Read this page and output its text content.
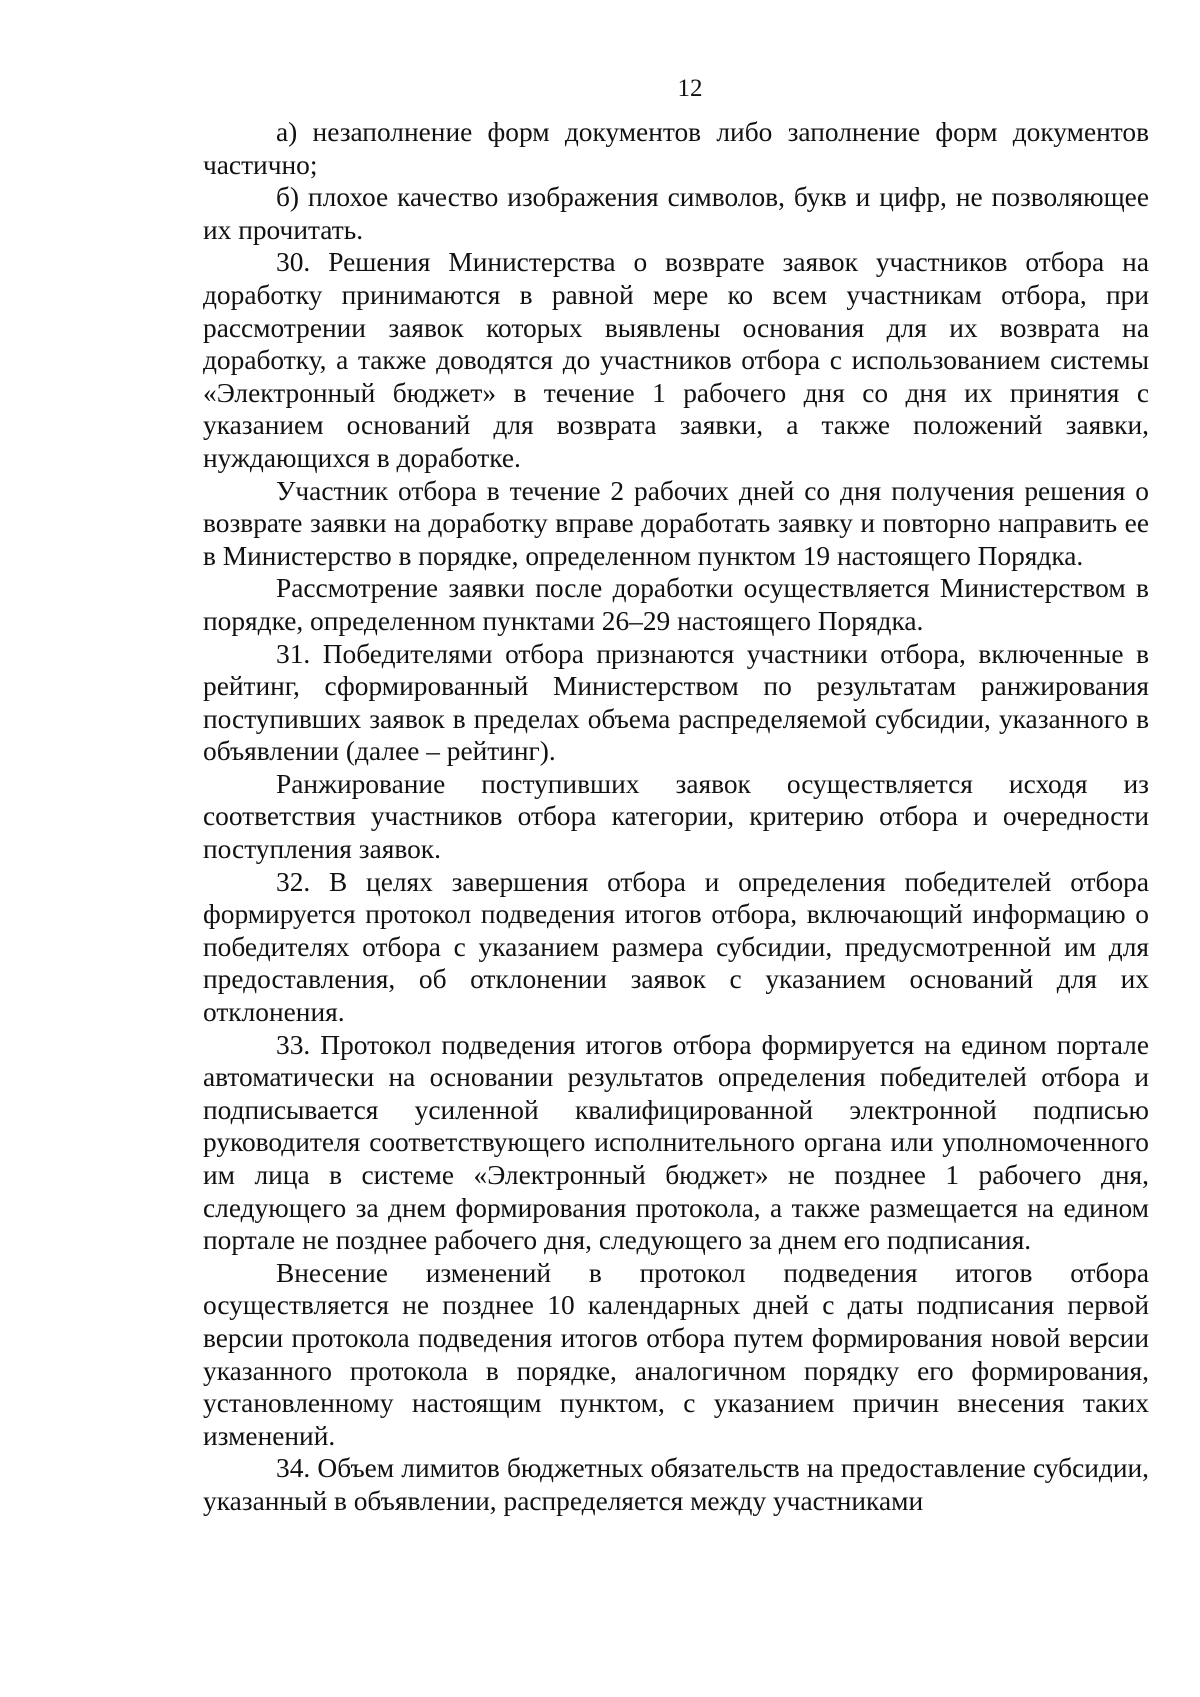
12

а) незаполнение форм документов либо заполнение форм документов частично;

б) плохое качество изображения символов, букв и цифр, не позволяющее их прочитать.

30. Решения Министерства о возврате заявок участников отбора на доработку принимаются в равной мере ко всем участникам отбора, при рассмотрении заявок которых выявлены основания для их возврата на доработку, а также доводятся до участников отбора с использованием системы «Электронный бюджет» в течение 1 рабочего дня со дня их принятия с указанием оснований для возврата заявки, а также положений заявки, нуждающихся в доработке.

Участник отбора в течение 2 рабочих дней со дня получения решения о возврате заявки на доработку вправе доработать заявку и повторно направить ее в Министерство в порядке, определенном пунктом 19 настоящего Порядка.

Рассмотрение заявки после доработки осуществляется Министерством в порядке, определенном пунктами 26–29 настоящего Порядка.

31. Победителями отбора признаются участники отбора, включенные в рейтинг, сформированный Министерством по результатам ранжирования поступивших заявок в пределах объема распределяемой субсидии, указанного в объявлении (далее – рейтинг).

Ранжирование поступивших заявок осуществляется исходя из соответствия участников отбора категории, критерию отбора и очередности поступления заявок.

32. В целях завершения отбора и определения победителей отбора формируется протокол подведения итогов отбора, включающий информацию о победителях отбора с указанием размера субсидии, предусмотренной им для предоставления, об отклонении заявок с указанием оснований для их отклонения.

33. Протокол подведения итогов отбора формируется на едином портале автоматически на основании результатов определения победителей отбора и подписывается усиленной квалифицированной электронной подписью руководителя соответствующего исполнительного органа или уполномоченного им лица в системе «Электронный бюджет» не позднее 1 рабочего дня, следующего за днем формирования протокола, а также размещается на едином портале не позднее рабочего дня, следующего за днем его подписания.

Внесение изменений в протокол подведения итогов отбора осуществляется не позднее 10 календарных дней с даты подписания первой версии протокола подведения итогов отбора путем формирования новой версии указанного протокола в порядке, аналогичном порядку его формирования, установленному настоящим пунктом, с указанием причин внесения таких изменений.

34. Объем лимитов бюджетных обязательств на предоставление субсидии, указанный в объявлении, распределяется между участниками
